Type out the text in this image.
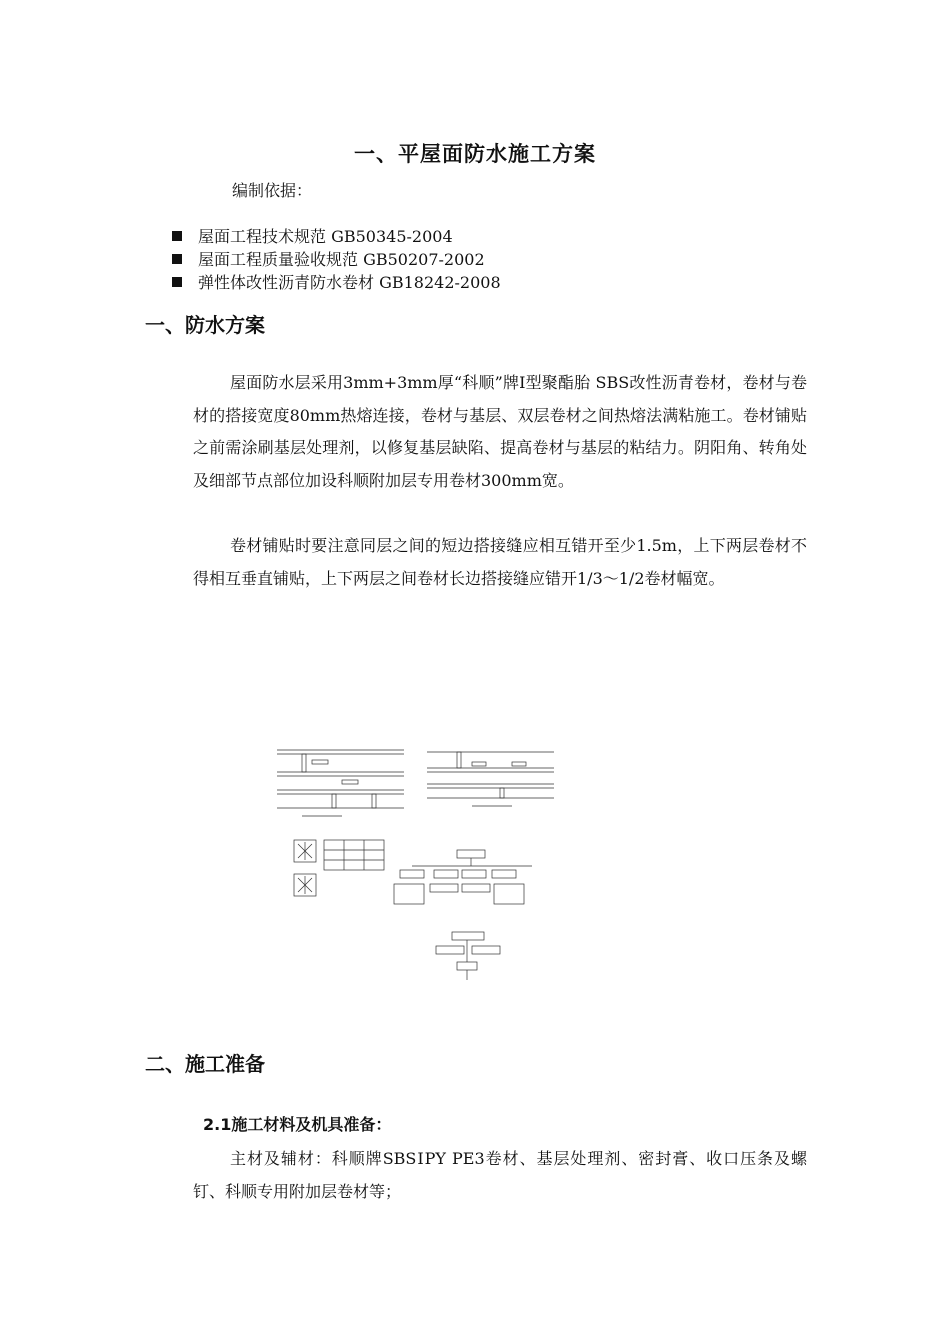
一、平屋面防水施工方案
编制依据：
屋面工程技术规范 GB50345-2004
屋面工程质量验收规范 GB50207-2002
弹性体改性沥青防水卷材 GB18242-2008
一、防水方案

屋面防水层采用3mm+3mm厚“科顺”牌Ⅰ型聚酯胎 SBS改性沥青卷材，卷材与卷材的搭接宽度80mm热熔连接，卷材与基层、双层卷材之间热熔法满粘施工。卷材铺贴之前需涂刷基层处理剂，以修复基层缺陷、提高卷材与基层的粘结力。阴阳角、转角处及细部节点部位加设科顺附加层专用卷材300mm宽。

卷材铺贴时要注意同层之间的短边搭接缝应相互错开至少1.5m，上下两层卷材不得相互垂直铺贴，上下两层之间卷材长边搭接缝应错开1/3～1/2卷材幅宽。

二、施工准备
2.1施工材料及机具准备：

主材及辅材：科顺牌SBSⅠPY PE3卷材、基层处理剂、密封膏、收口压条及螺钉、科顺专用附加层卷材等；
